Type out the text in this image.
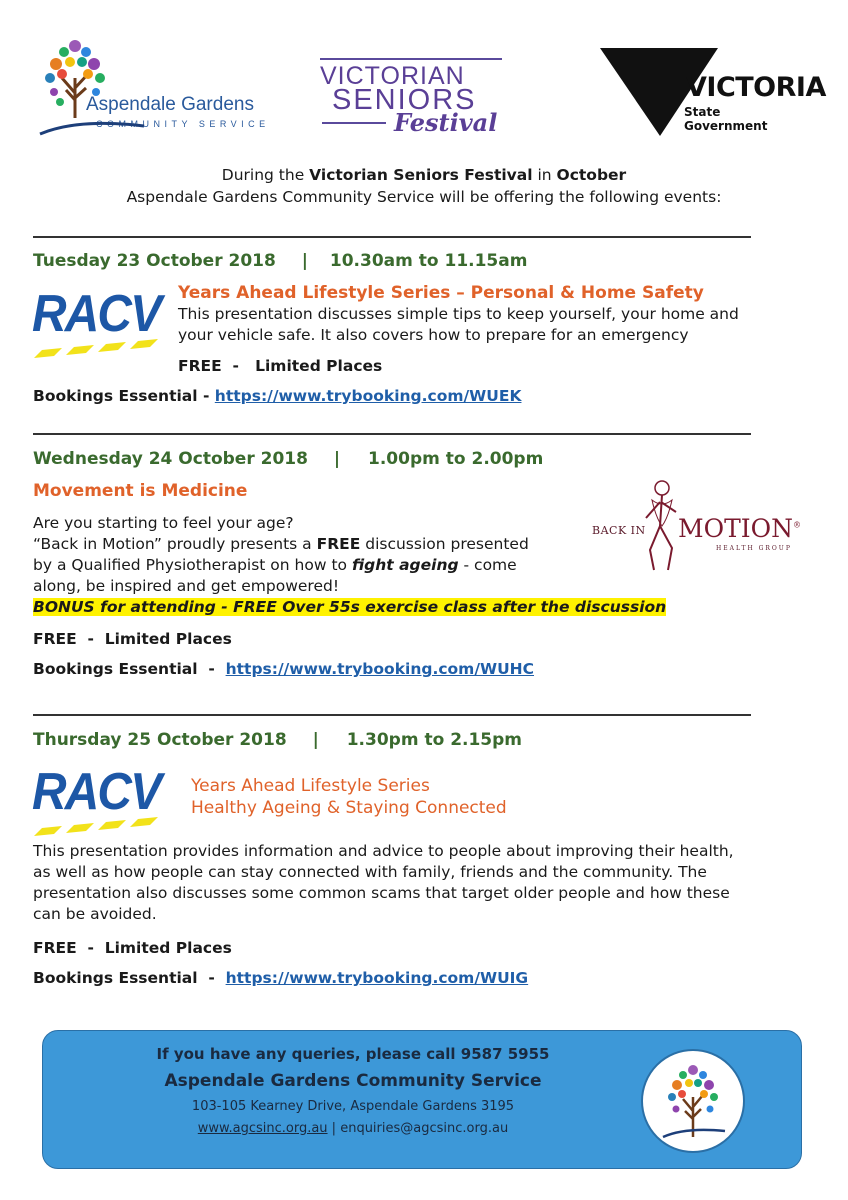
Aspendale Gardens
COMMUNITY SERVICE
VICTORIAN
SENIORS
Festival
VICTORIA
State
Government
During the Victorian Seniors Festival in October
Aspendale Gardens Community Service will be offering the following events:
Tuesday 23 October 2018 | 10.30am to 11.15am
RACV Years Ahead Lifestyle Series – Personal & Home Safety
This presentation discusses simple tips to keep yourself, your home and
your vehicle safe. It also covers how to prepare for an emergency
FREE  -   Limited Places
Bookings Essential - https://www.trybooking.com/WUEK
Wednesday 24 October 2018 | 1.00pm to 2.00pm
Movement is Medicine
Are you starting to feel your age?
“Back in Motion” proudly presents a FREE discussion presented
by a Qualified Physiotherapist on how to fight ageing - come
along, be inspired and get empowered!
BONUS for attending - FREE Over 55s exercise class after the discussion
BACK IN MOTION®
HEALTH GROUP
FREE  -  Limited Places
Bookings Essential  -  https://www.trybooking.com/WUHC
Thursday 25 October 2018 | 1.30pm to 2.15pm
RACV Years Ahead Lifestyle Series
Healthy Ageing & Staying Connected
This presentation provides information and advice to people about improving their health,
as well as how people can stay connected with family, friends and the community. The
presentation also discusses some common scams that target older people and how these
can be avoided.
FREE  -  Limited Places
Bookings Essential  -  https://www.trybooking.com/WUIG
If you have any queries, please call 9587 5955
Aspendale Gardens Community Service
103-105 Kearney Drive, Aspendale Gardens 3195
www.agcsinc.org.au | enquiries@agcsinc.org.au
